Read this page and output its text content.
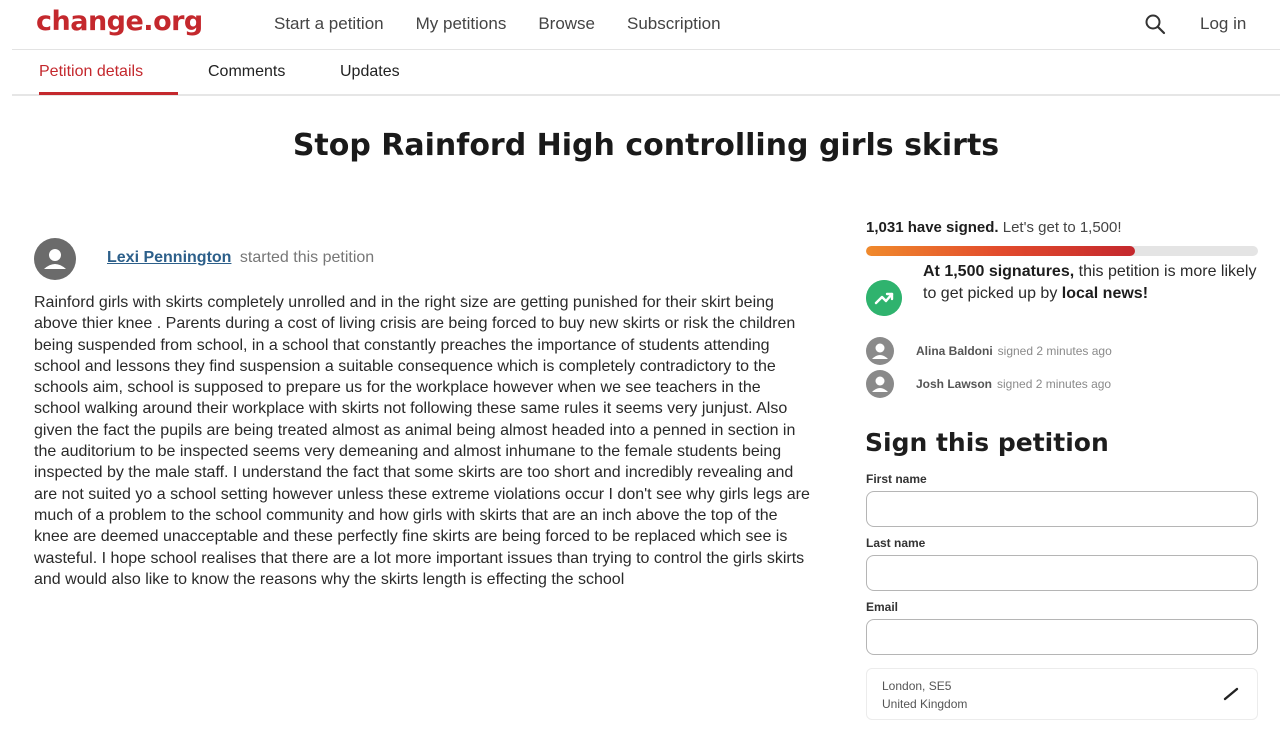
change.org	Start a petition My petitions Browse Subscription	Log in
Petition details	Comments	Updates
Stop Rainford High controlling girls skirts
Lexi Pennington started this petition

Rainford girls with skirts completely unrolled and in the right size are getting punished for their skirt being above thier knee . Parents during a cost of living crisis are being forced to buy new skirts or risk the children being suspended from school, in a school that constantly preaches the importance of students attending school and lessons they find suspension a suitable consequence which is completely contradictory to the schools aim, school is supposed to prepare us for the workplace however when we see teachers in the school walking around their workplace with skirts not following these same rules it seems very junjust. Also given the fact the pupils are being treated almost as animal being almost headed into a penned in section in the auditorium to be inspected seems very demeaning and almost inhumane to the female students being inspected by the male staff. I understand the fact that some skirts are too short and incredibly revealing and are not suited yo a school setting however unless these extreme violations occur I don't see why girls legs are much of a problem to the school community and how girls with skirts that are an inch above the top of the knee are deemed unacceptable and these perfectly fine skirts are being forced to be replaced which see is wasteful. I hope school realises that there are a lot more important issues than trying to control the girls skirts and would also like to know the reasons why the skirts length is effecting the school

1,031 have signed. Let's get to 1,500!
At 1,500 signatures, this petition is more likely to get picked up by local news!
Alina Baldoni signed 2 minutes ago
Josh Lawson signed 2 minutes ago
Sign this petition
First name
Last name
Email
London, SE5
United Kingdom
